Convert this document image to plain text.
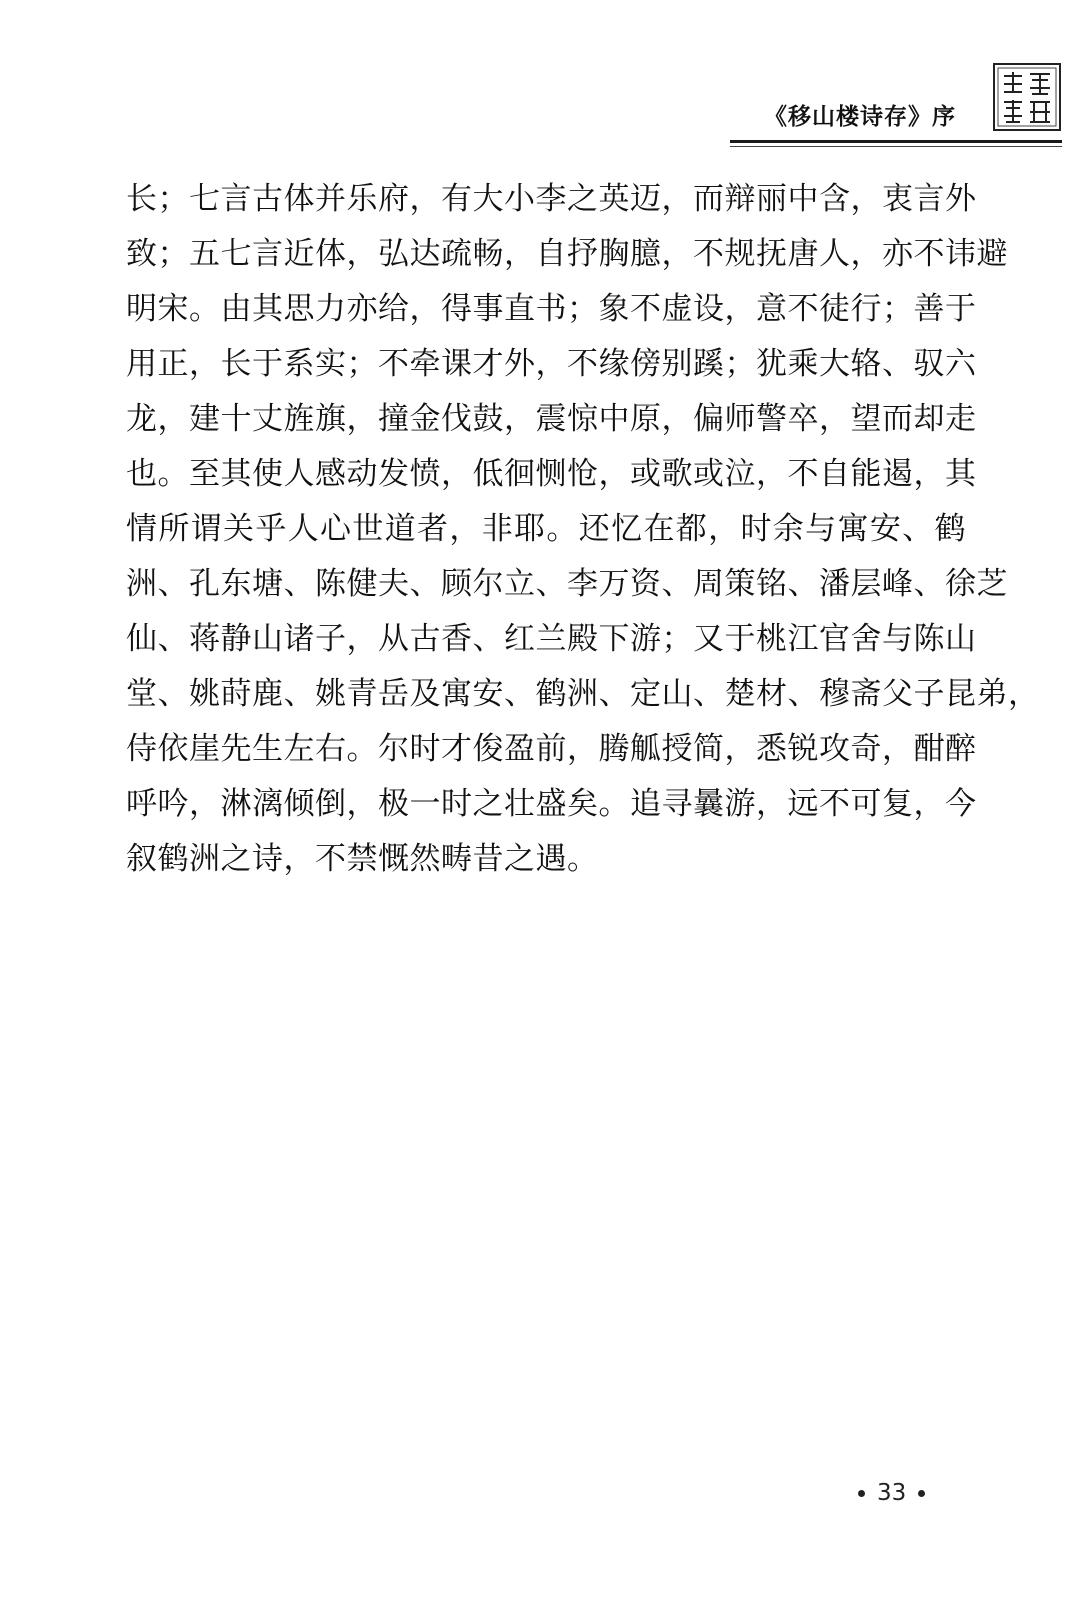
《移山楼诗存》序
长；七言古体并乐府，有大小李之英迈，而辩丽中含，衷言外
致；五七言近体，弘达疏畅，自抒胸臆，不规抚唐人，亦不讳避
明宋。由其思力亦给，得事直书；象不虚设，意不徒行；善于
用正，长于系实；不牵课才外，不缘傍别蹊；犹乘大辂、驭六
龙，建十丈旌旗，撞金伐鼓，震惊中原，偏师警卒，望而却走
也。至其使人感动发愤，低徊恻怆，或歌或泣，不自能遏，其
情所谓关乎人心世道者，非耶。还忆在都，时余与寓安、鹤
洲、孔东塘、陈健夫、顾尔立、李万资、周策铭、潘层峰、徐芝
仙、蒋静山诸子，从古香、红兰殿下游；又于桃江官舍与陈山
堂、姚莳鹿、姚青岳及寓安、鹤洲、定山、楚材、穆斋父子昆弟，
侍依崖先生左右。尔时才俊盈前，腾觚授简，悉锐攻奇，酣醉
呼吟，淋漓倾倒，极一时之壮盛矣。追寻曩游，远不可复，今
叙鹤洲之诗，不禁慨然畴昔之遇。
33
